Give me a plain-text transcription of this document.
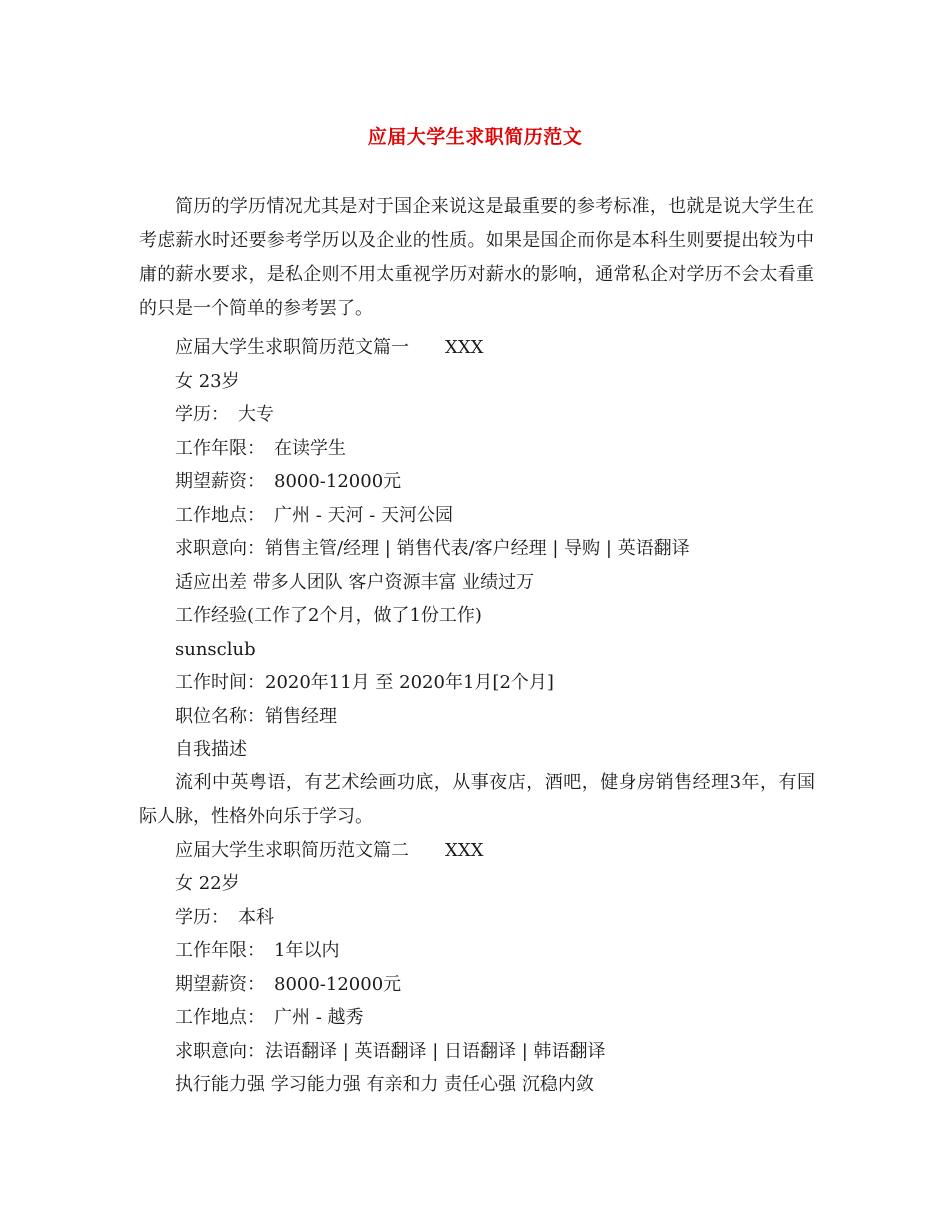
应届大学生求职简历范文
简历的学历情况尤其是对于国企来说这是最重要的参考标准，也就是说大学生在考虑薪水时还要参考学历以及企业的性质。如果是国企而你是本科生则要提出较为中庸的薪水要求，是私企则不用太重视学历对薪水的影响，通常私企对学历不会太看重的只是一个简单的参考罢了。
应届大学生求职简历范文篇一　　XXX
女 23岁
学历：　大专
工作年限：　在读学生
期望薪资：　8000-12000元
工作地点：　广州 - 天河 - 天河公园
求职意向：销售主管/经理 | 销售代表/客户经理 | 导购 | 英语翻译
适应出差 带多人团队 客户资源丰富 业绩过万
工作经验(工作了2个月，做了1份工作)
sunsclub
工作时间：2020年11月 至 2020年1月[2个月]
职位名称：销售经理
自我描述
流利中英粤语，有艺术绘画功底，从事夜店，酒吧，健身房销售经理3年，有国际人脉，性格外向乐于学习。
应届大学生求职简历范文篇二　　XXX
女 22岁
学历：　本科
工作年限：　1年以内
期望薪资：　8000-12000元
工作地点：　广州 - 越秀
求职意向：法语翻译 | 英语翻译 | 日语翻译 | 韩语翻译
执行能力强 学习能力强 有亲和力 责任心强 沉稳内敛
